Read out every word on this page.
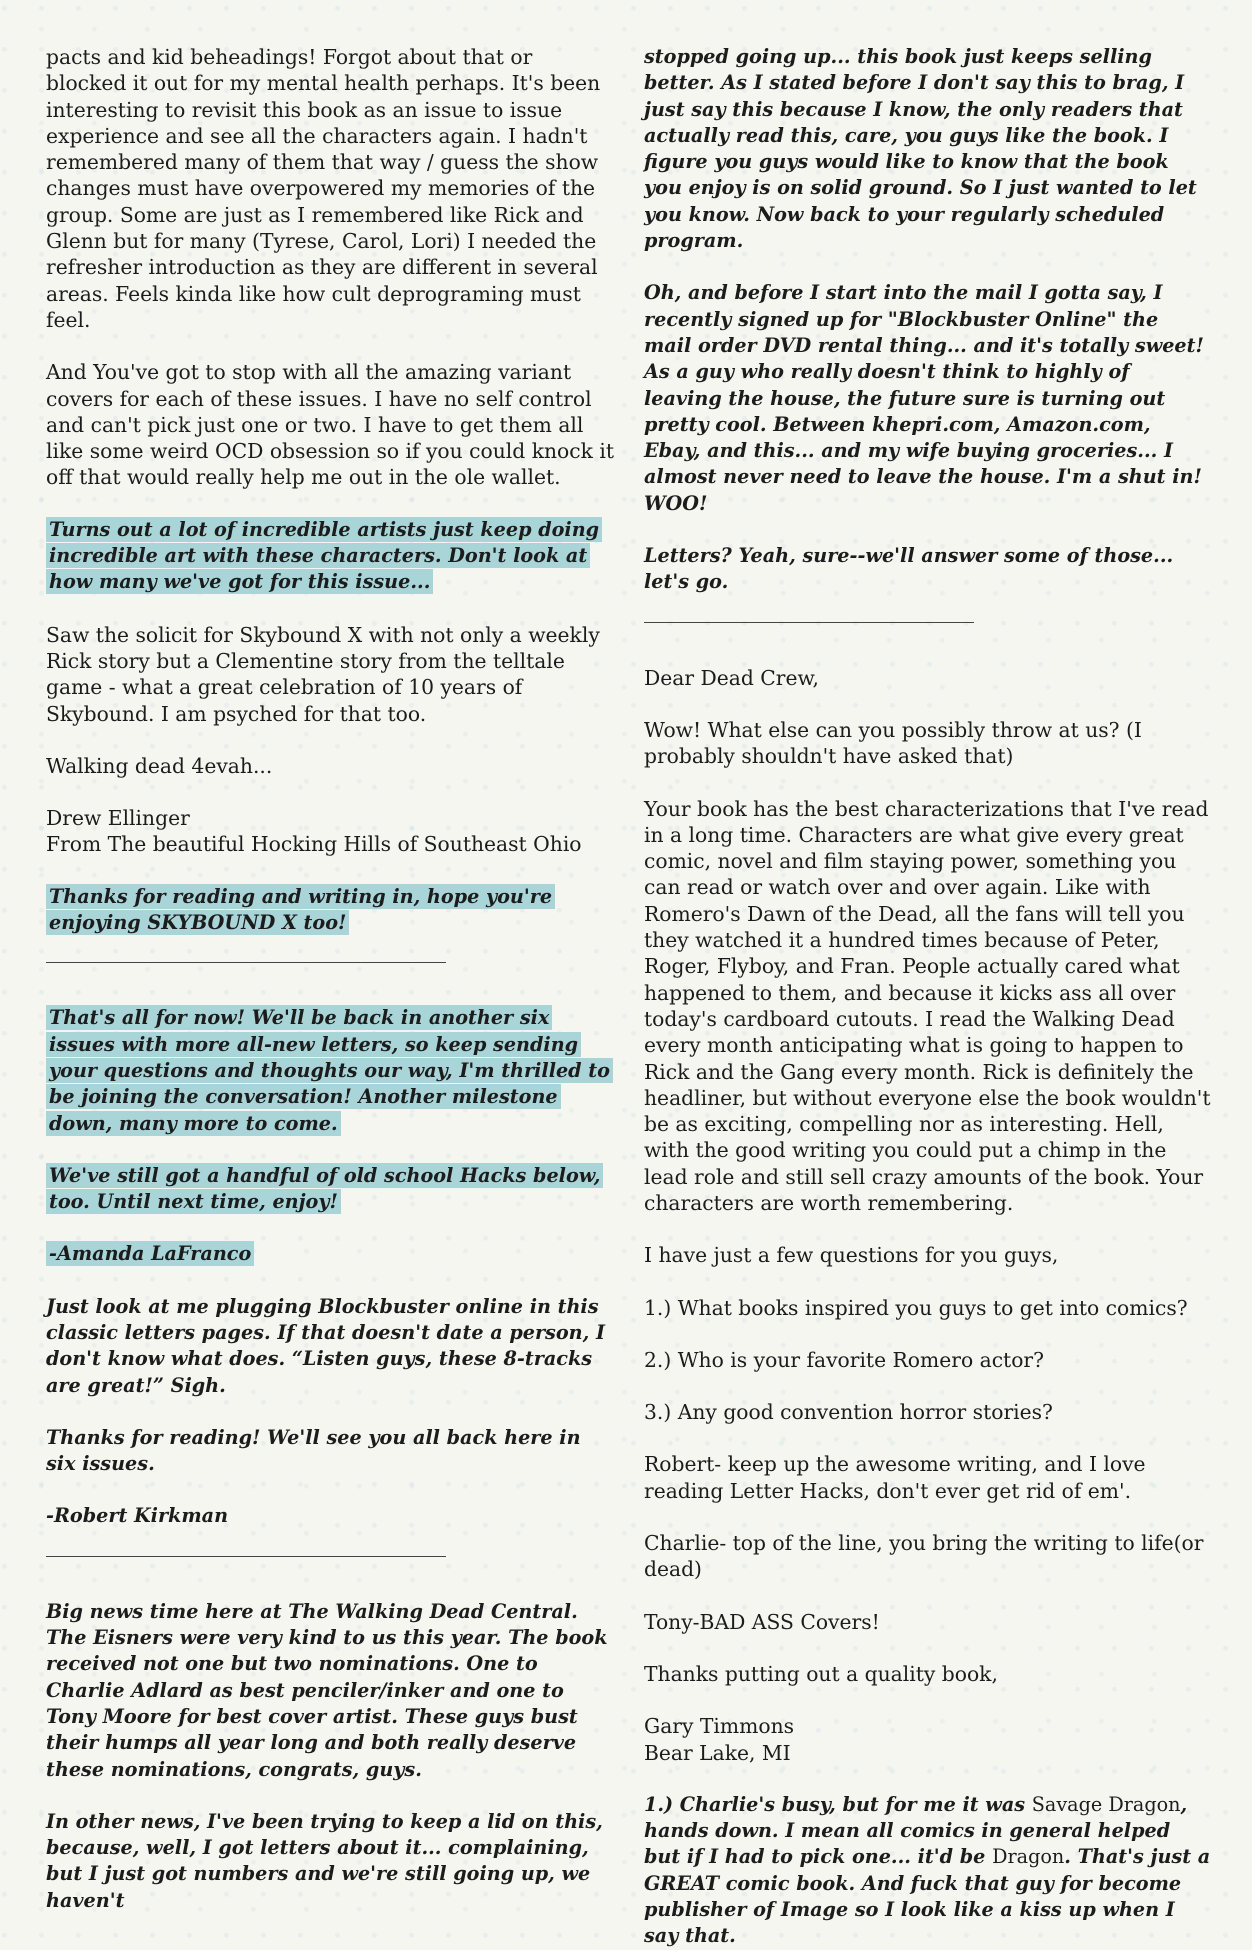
pacts and kid beheadings! Forgot about that or blocked it out for my mental health perhaps. It's been interesting to revisit this book as an issue to issue experience and see all the characters again. I hadn't remembered many of them that way / guess the show changes must have overpowered my memories of the group. Some are just as I remembered like Rick and Glenn but for many (Tyrese, Carol, Lori) I needed the refresher introduction as they are different in several areas. Feels kinda like how cult deprograming must feel.

And You've got to stop with all the amazing variant covers for each of these issues. I have no self control and can't pick just one or two. I have to get them all like some weird OCD obsession so if you could knock it off that would really help me out in the ole wallet.

Turns out a lot of incredible artists just keep doing incredible art with these characters. Don't look at how many we've got for this issue...

Saw the solicit for Skybound X with not only a weekly Rick story but a Clementine story from the telltale game - what a great celebration of 10 years of Skybound. I am psyched for that too.

Walking dead 4evah...

Drew Ellinger
From The beautiful Hocking Hills of Southeast Ohio

Thanks for reading and writing in, hope you're enjoying SKYBOUND X too!

That's all for now! We'll be back in another six issues with more all-new letters, so keep sending your questions and thoughts our way, I'm thrilled to be joining the conversation! Another milestone down, many more to come.

We've still got a handful of old school Hacks below, too. Until next time, enjoy!

-Amanda LaFranco

Just look at me plugging Blockbuster online in this classic letters pages. If that doesn't date a person, I don't know what does. “Listen guys, these 8-tracks are great!” Sigh.

Thanks for reading! We'll see you all back here in six issues.

-Robert Kirkman

Big news time here at The Walking Dead Central. The Eisners were very kind to us this year. The book received not one but two nominations. One to Charlie Adlard as best penciler/inker and one to Tony Moore for best cover artist. These guys bust their humps all year long and both really deserve these nominations, congrats, guys.

In other news, I've been trying to keep a lid on this, because, well, I got letters about it... complaining, but I just got numbers and we're still going up, we haven't

stopped going up... this book just keeps selling better. As I stated before I don't say this to brag, I just say this because I know, the only readers that actually read this, care, you guys like the book. I figure you guys would like to know that the book you enjoy is on solid ground. So I just wanted to let you know. Now back to your regularly scheduled program.

Oh, and before I start into the mail I gotta say, I recently signed up for "Blockbuster Online" the mail order DVD rental thing... and it's totally sweet! As a guy who really doesn't think to highly of leaving the house, the future sure is turning out pretty cool. Between khepri.com, Amazon.com, Ebay, and this... and my wife buying groceries... I almost never need to leave the house. I'm a shut in! WOO!

Letters? Yeah, sure--we'll answer some of those... let's go.

Dear Dead Crew,

Wow! What else can you possibly throw at us? (I probably shouldn't have asked that)

Your book has the best characterizations that I've read in a long time. Characters are what give every great comic, novel and film staying power, something you can read or watch over and over again. Like with Romero's Dawn of the Dead, all the fans will tell you they watched it a hundred times because of Peter, Roger, Flyboy, and Fran. People actually cared what happened to them, and because it kicks ass all over today's cardboard cutouts. I read the Walking Dead every month anticipating what is going to happen to Rick and the Gang every month. Rick is definitely the headliner, but without everyone else the book wouldn't be as exciting, compelling nor as interesting. Hell, with the good writing you could put a chimp in the lead role and still sell crazy amounts of the book. Your characters are worth remembering.

I have just a few questions for you guys,

1.) What books inspired you guys to get into comics?

2.) Who is your favorite Romero actor?

3.) Any good convention horror stories?

Robert- keep up the awesome writing, and I love reading Letter Hacks, don't ever get rid of em'.

Charlie- top of the line, you bring the writing to life(or dead)

Tony-BAD ASS Covers!

Thanks putting out a quality book,

Gary Timmons
Bear Lake, MI

1.) Charlie's busy, but for me it was Savage Dragon, hands down. I mean all comics in general helped but if I had to pick one... it'd be Dragon. That's just a GREAT comic book. And fuck that guy for become publisher of Image so I look like a kiss up when I say that.
